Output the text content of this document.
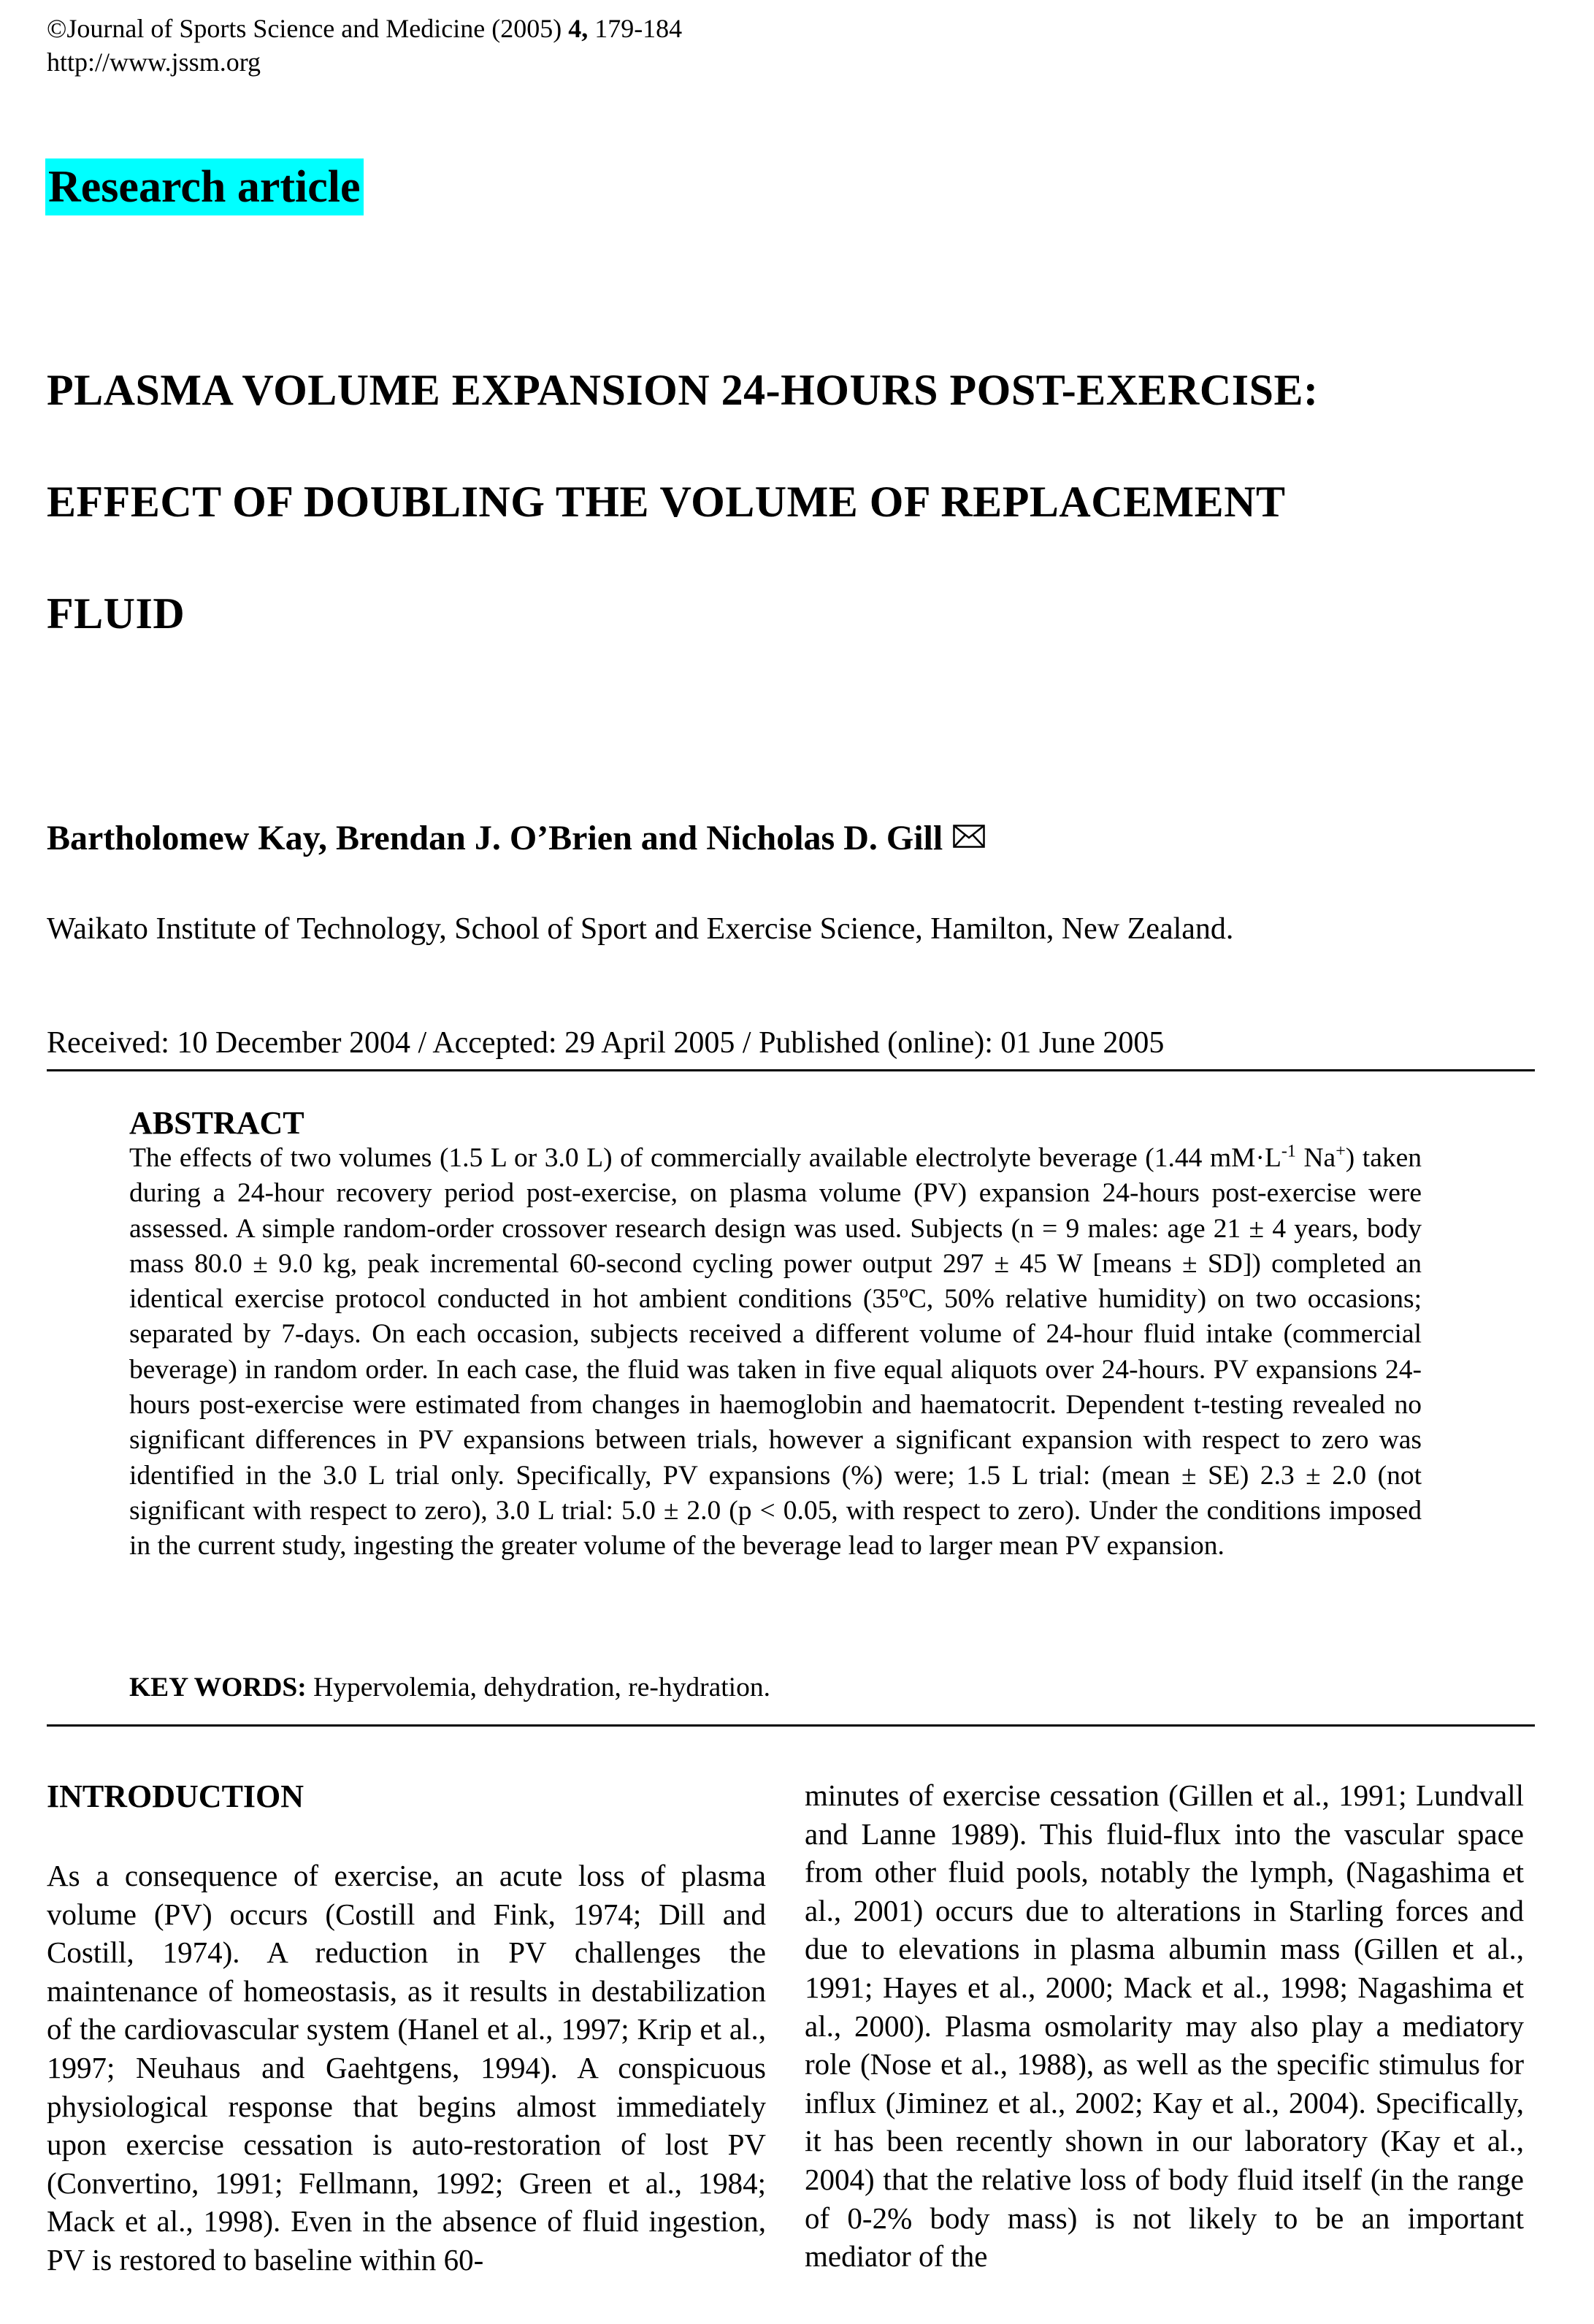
©Journal of Sports Science and Medicine (2005) 4, 179-184
http://www.jssm.org
Research article

PLASMA VOLUME EXPANSION 24-HOURS POST-EXERCISE:

EFFECT OF DOUBLING THE VOLUME OF REPLACEMENT

FLUID

Bartholomew Kay, Brendan J. O’Brien and Nicholas D. Gill
Waikato Institute of Technology, School of Sport and Exercise Science, Hamilton, New Zealand.
Received: 10 December 2004 / Accepted: 29 April 2005 / Published (online): 01 June 2005
ABSTRACT
The effects of two volumes (1.5 L or 3.0 L) of commercially available electrolyte beverage (1.44 $mM\cdot L^{-1}$ Na+) taken during a 24-hour recovery period post-exercise, on plasma volume (PV) expansion 24-hours post-exercise were assessed. A simple random-order crossover research design was used. Subjects (n = 9 males: age 21 ± 4 years, body mass 80.0 ± 9.0 kg, peak incremental 60-second cycling power output 297 ± 45 W [means ± SD]) completed an identical exercise protocol conducted in hot ambient conditions (35$^o$C, 50% relative humidity) on two occasions; separated by 7-days. On each occasion, subjects received a different volume of 24-hour fluid intake (commercial beverage) in random order. In each case, the fluid was taken in five equal aliquots over 24-hours. PV expansions 24-hours post-exercise were estimated from changes in haemoglobin and haematocrit. Dependent t-testing revealed no significant differences in PV expansions between trials, however a significant expansion with respect to zero was identified in the 3.0 L trial only. Specifically, PV expansions (%) were; 1.5 L trial: (mean ± SE) 2.3 ± 2.0 (not significant with respect to zero), 3.0 L trial: 5.0 ± 2.0 (p < 0.05, with respect to zero). Under the conditions imposed in the current study, ingesting the greater volume of the beverage lead to larger mean PV expansion.
KEY WORDS: Hypervolemia, dehydration, re-hydration.
INTRODUCTION
As a consequence of exercise, an acute loss of plasma volume (PV) occurs (Costill and Fink, 1974; Dill and Costill, 1974). A reduction in PV challenges the maintenance of homeostasis, as it results in destabilization of the cardiovascular system (Hanel et al., 1997; Krip et al., 1997; Neuhaus and Gaehtgens, 1994). A conspicuous physiological response that begins almost immediately upon exercise cessation is auto-restoration of lost PV (Convertino, 1991; Fellmann, 1992; Green et al., 1984; Mack et al., 1998). Even in the absence of fluid ingestion, PV is restored to baseline within 60-
minutes of exercise cessation (Gillen et al., 1991; Lundvall and Lanne 1989). This fluid-flux into the vascular space from other fluid pools, notably the lymph, (Nagashima et al., 2001) occurs due to alterations in Starling forces and due to elevations in plasma albumin mass (Gillen et al., 1991; Hayes et al., 2000; Mack et al., 1998; Nagashima et al., 2000). Plasma osmolarity may also play a mediatory role (Nose et al., 1988), as well as the specific stimulus for influx (Jiminez et al., 2002; Kay et al., 2004). Specifically, it has been recently shown in our laboratory (Kay et al., 2004) that the relative loss of body fluid itself (in the range of 0-2% body mass) is not likely to be an important mediator of the
